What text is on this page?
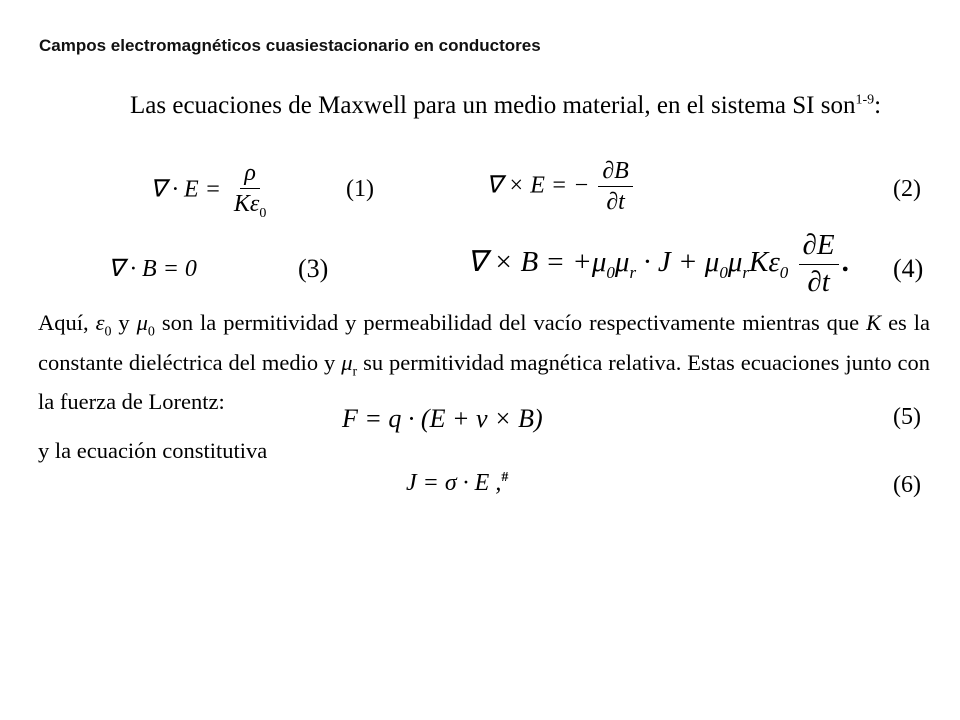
Campos electromagnéticos cuasiestacionario en conductores
Las ecuaciones de Maxwell para un medio material, en el sistema SI son$^{1-9}$:
∇ · $E = \frac{\rho}{K\varepsilon_0}$	(1)	∇ × E = − $\frac{\partial B}{\partial t}$	(2)
∇ · B = 0	(3)	∇ × $B = +\mu_0\mu_r \cdot J + \mu_0\mu_rK\varepsilon_0 \frac{\partial E}{\partial t}$ . (4)
Aquí, $\varepsilon_0$ y $\mu_0$ son la permitividad y permeabilidad del vacío respectivamente mientras que K es la constante dieléctrica del medio y $\mu_r$ su permitividad magnética relativa. Estas ecuaciones junto con la fuerza de Lorentz:
F = q · (E + v × B)	(5)
y la ecuación constitutiva
J = σ · E ,#	(6)
